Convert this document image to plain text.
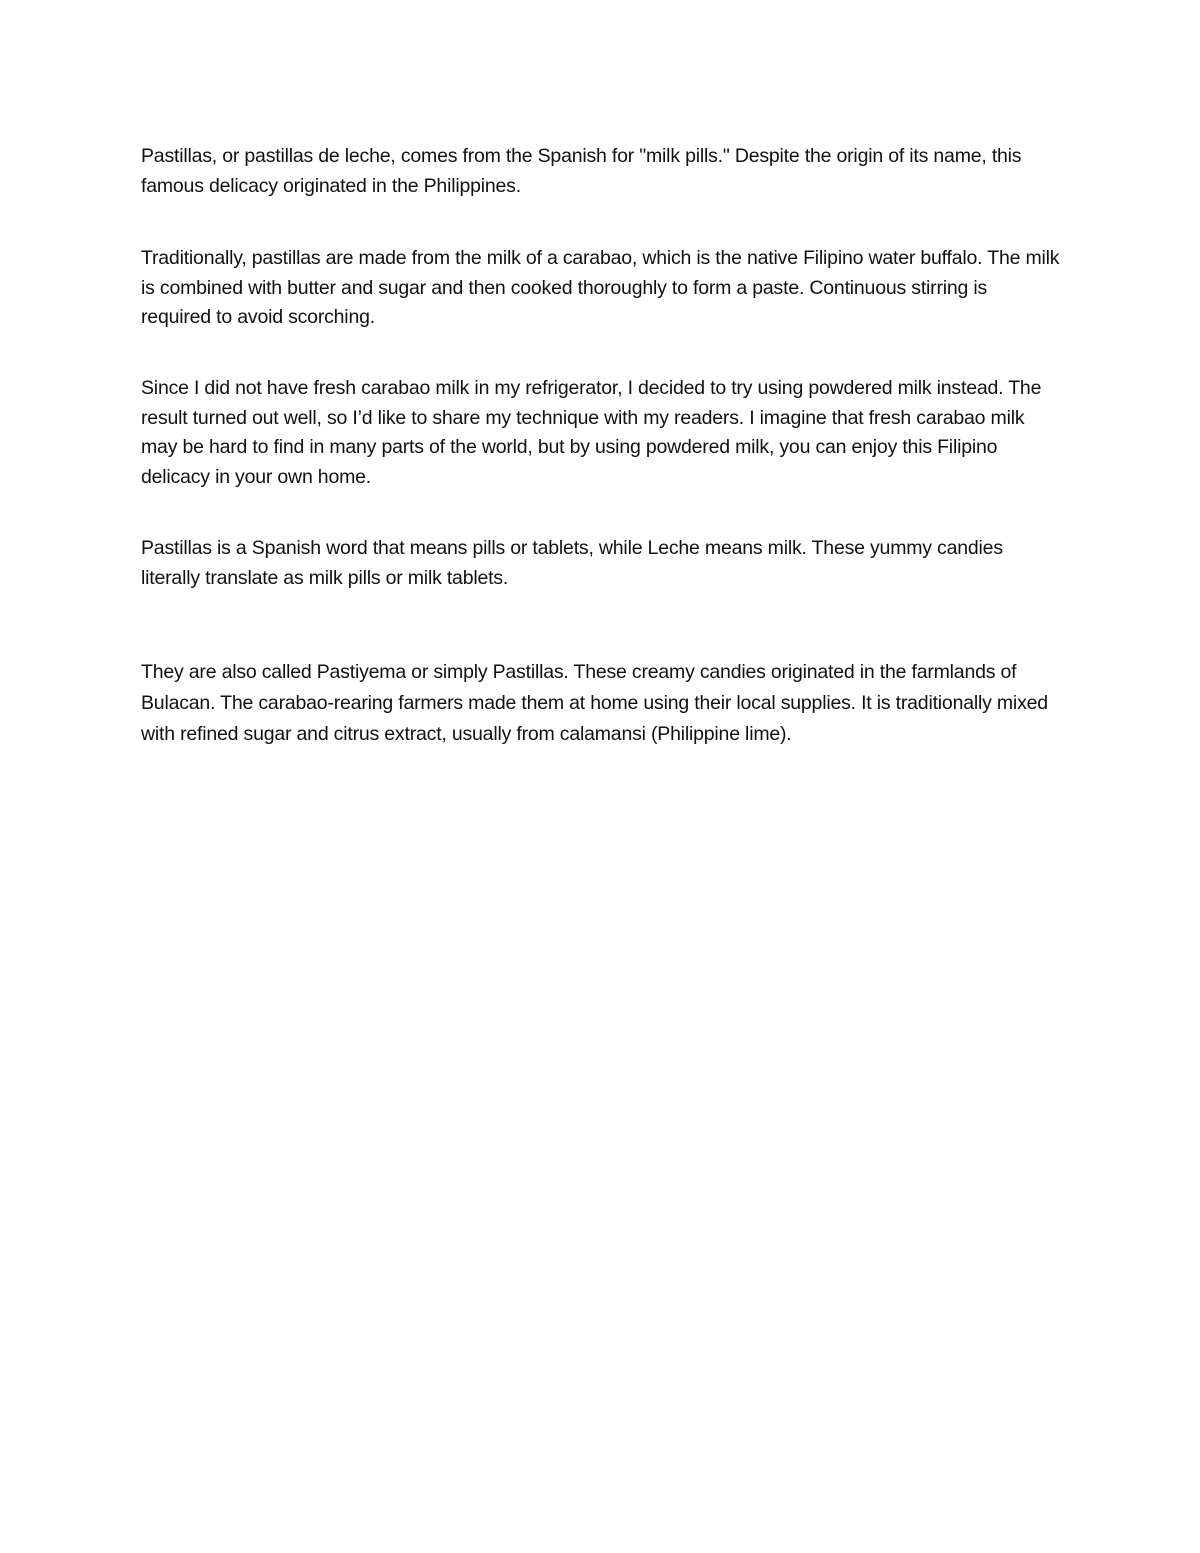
Pastillas, or pastillas de leche, comes from the Spanish for "milk pills." Despite the origin of its name, this famous delicacy originated in the Philippines.

Traditionally, pastillas are made from the milk of a carabao, which is the native Filipino water buffalo. The milk is combined with butter and sugar and then cooked thoroughly to form a paste. Continuous stirring is required to avoid scorching.

Since I did not have fresh carabao milk in my refrigerator, I decided to try using powdered milk instead. The result turned out well, so I’d like to share my technique with my readers. I imagine that fresh carabao milk may be hard to find in many parts of the world, but by using powdered milk, you can enjoy this Filipino delicacy in your own home.

Pastillas is a Spanish word that means pills or tablets, while Leche means milk. These yummy candies literally translate as milk pills or milk tablets.

They are also called Pastiyema or simply Pastillas. These creamy candies originated in the farmlands of Bulacan. The carabao-rearing farmers made them at home using their local supplies. It is traditionally mixed with refined sugar and citrus extract, usually from calamansi (Philippine lime).
